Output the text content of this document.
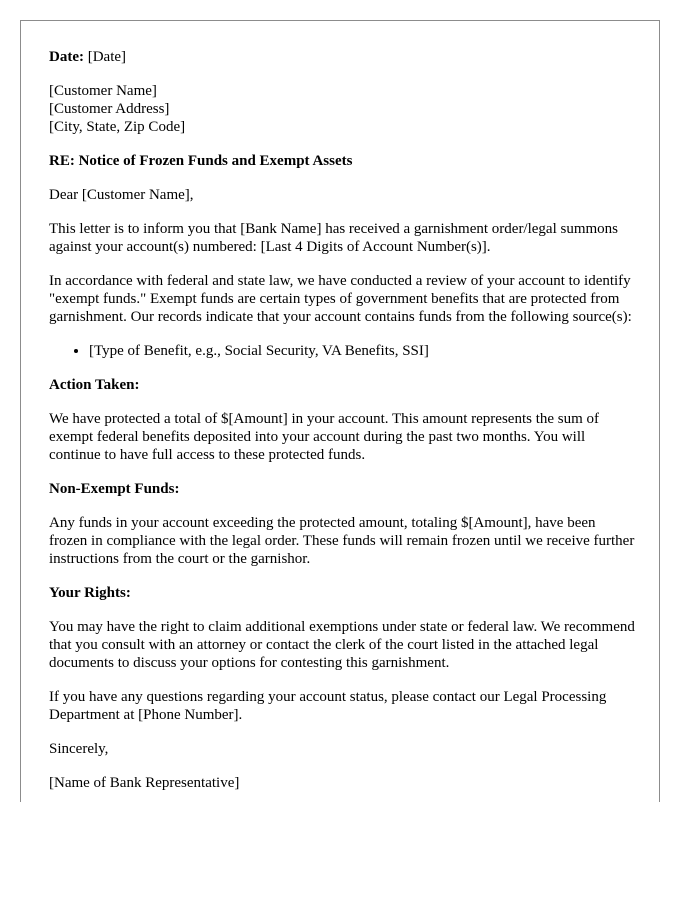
Date: [Date]

[Customer Name]
[Customer Address]
[City, State, Zip Code]

RE: Notice of Frozen Funds and Exempt Assets

Dear [Customer Name],

This letter is to inform you that [Bank Name] has received a garnishment order/legal summons against your account(s) numbered: [Last 4 Digits of Account Number(s)].

In accordance with federal and state law, we have conducted a review of your account to identify "exempt funds." Exempt funds are certain types of government benefits that are protected from garnishment. Our records indicate that your account contains funds from the following source(s):

• [Type of Benefit, e.g., Social Security, VA Benefits, SSI]

Action Taken:

We have protected a total of $[Amount] in your account. This amount represents the sum of exempt federal benefits deposited into your account during the past two months. You will continue to have full access to these protected funds.

Non-Exempt Funds:

Any funds in your account exceeding the protected amount, totaling $[Amount], have been frozen in compliance with the legal order. These funds will remain frozen until we receive further instructions from the court or the garnishor.

Your Rights:

You may have the right to claim additional exemptions under state or federal law. We recommend that you consult with an attorney or contact the clerk of the court listed in the attached legal documents to discuss your options for contesting this garnishment.

If you have any questions regarding your account status, please contact our Legal Processing Department at [Phone Number].

Sincerely,

[Name of Bank Representative]
